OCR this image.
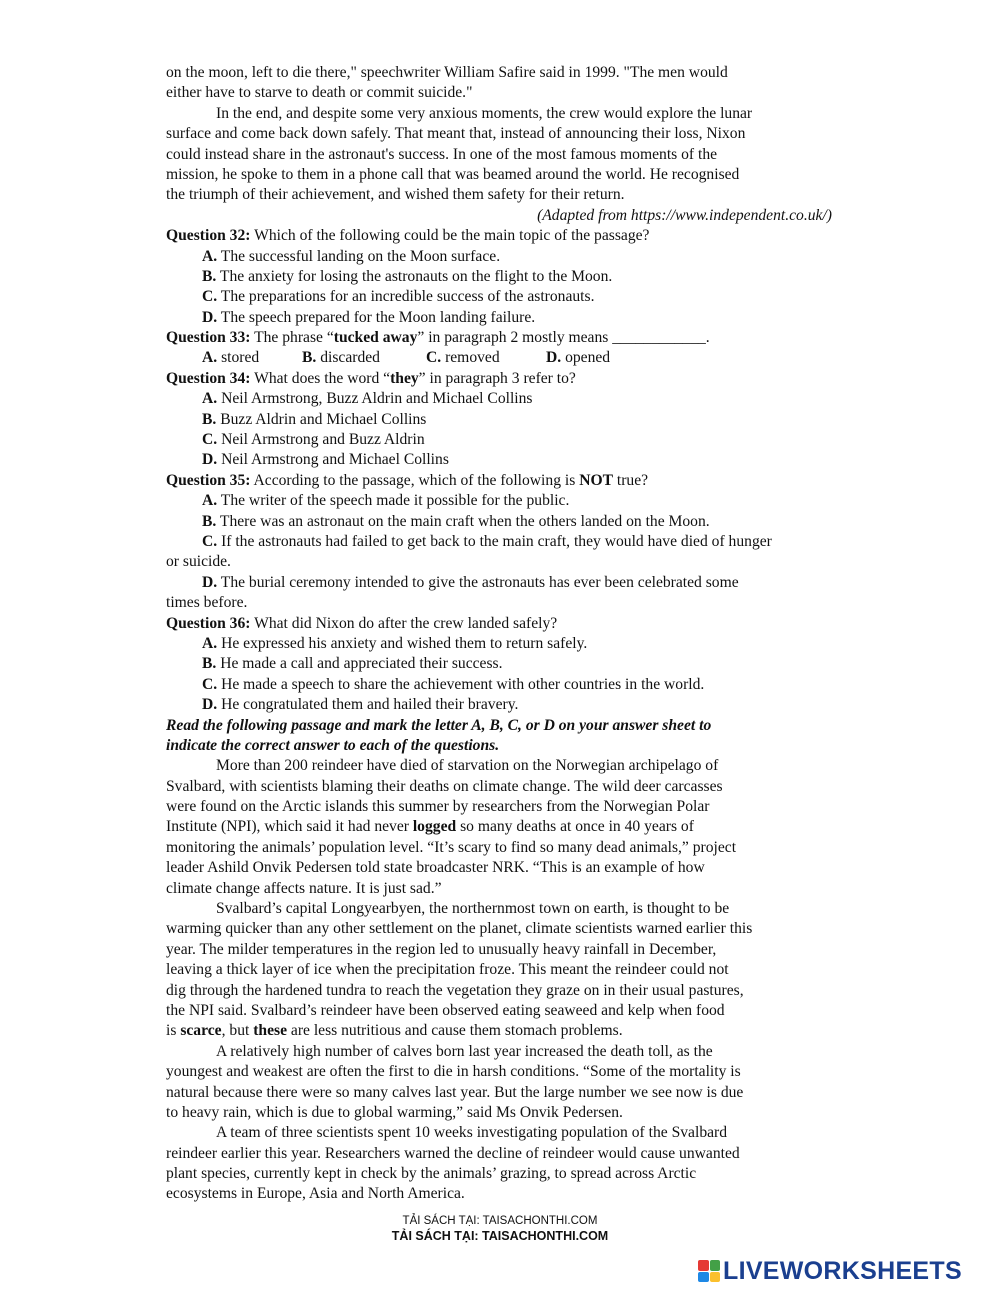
on the moon, left to die there," speechwriter William Safire said in 1999. "The men would
either have to starve to death or commit suicide."
In the end, and despite some very anxious moments, the crew would explore the lunar
surface and come back down safely. That meant that, instead of announcing their loss, Nixon
could instead share in the astronaut's success. In one of the most famous moments of the
mission, he spoke to them in a phone call that was beamed around the world. He recognised
the triumph of their achievement, and wished them safety for their return.
(Adapted from https://www.independent.co.uk/)
Question 32: Which of the following could be the main topic of the passage?
A. The successful landing on the Moon surface.
B. The anxiety for losing the astronauts on the flight to the Moon.
C. The preparations for an incredible success of the astronauts.
D. The speech prepared for the Moon landing failure.
Question 33: The phrase “tucked away” in paragraph 2 mostly means ____________.
A. stored	B. discarded	C. removed	D. opened
Question 34: What does the word “they” in paragraph 3 refer to?
A. Neil Armstrong, Buzz Aldrin and Michael Collins
B. Buzz Aldrin and Michael Collins
C. Neil Armstrong and Buzz Aldrin
D. Neil Armstrong and Michael Collins
Question 35: According to the passage, which of the following is NOT true?
A. The writer of the speech made it possible for the public.
B. There was an astronaut on the main craft when the others landed on the Moon.
C. If the astronauts had failed to get back to the main craft, they would have died of hunger
or suicide.
D. The burial ceremony intended to give the astronauts has ever been celebrated some
times before.
Question 36: What did Nixon do after the crew landed safely?
A. He expressed his anxiety and wished them to return safely.
B. He made a call and appreciated their success.
C. He made a speech to share the achievement with other countries in the world.
D. He congratulated them and hailed their bravery.
Read the following passage and mark the letter A, B, C, or D on your answer sheet to
indicate the correct answer to each of the questions.
More than 200 reindeer have died of starvation on the Norwegian archipelago of
Svalbard, with scientists blaming their deaths on climate change. The wild deer carcasses
were found on the Arctic islands this summer by researchers from the Norwegian Polar
Institute (NPI), which said it had never logged so many deaths at once in 40 years of
monitoring the animals’ population level. “It’s scary to find so many dead animals,” project
leader Ashild Onvik Pedersen told state broadcaster NRK. “This is an example of how
climate change affects nature. It is just sad.”
Svalbard’s capital Longyearbyen, the northernmost town on earth, is thought to be
warming quicker than any other settlement on the planet, climate scientists warned earlier this
year. The milder temperatures in the region led to unusually heavy rainfall in December,
leaving a thick layer of ice when the precipitation froze. This meant the reindeer could not
dig through the hardened tundra to reach the vegetation they graze on in their usual pastures,
the NPI said. Svalbard’s reindeer have been observed eating seaweed and kelp when food
is scarce, but these are less nutritious and cause them stomach problems.
A relatively high number of calves born last year increased the death toll, as the
youngest and weakest are often the first to die in harsh conditions. “Some of the mortality is
natural because there were so many calves last year. But the large number we see now is due
to heavy rain, which is due to global warming,” said Ms Onvik Pedersen.
A team of three scientists spent 10 weeks investigating population of the Svalbard
reindeer earlier this year. Researchers warned the decline of reindeer would cause unwanted
plant species, currently kept in check by the animals’ grazing, to spread across Arctic
ecosystems in Europe, Asia and North America.
TẢI SÁCH TẠI: TAISACHONTHI.COM
TẢI SÁCH TẠI: TAISACHONTHI.COM
LIVEWORKSHEETS
